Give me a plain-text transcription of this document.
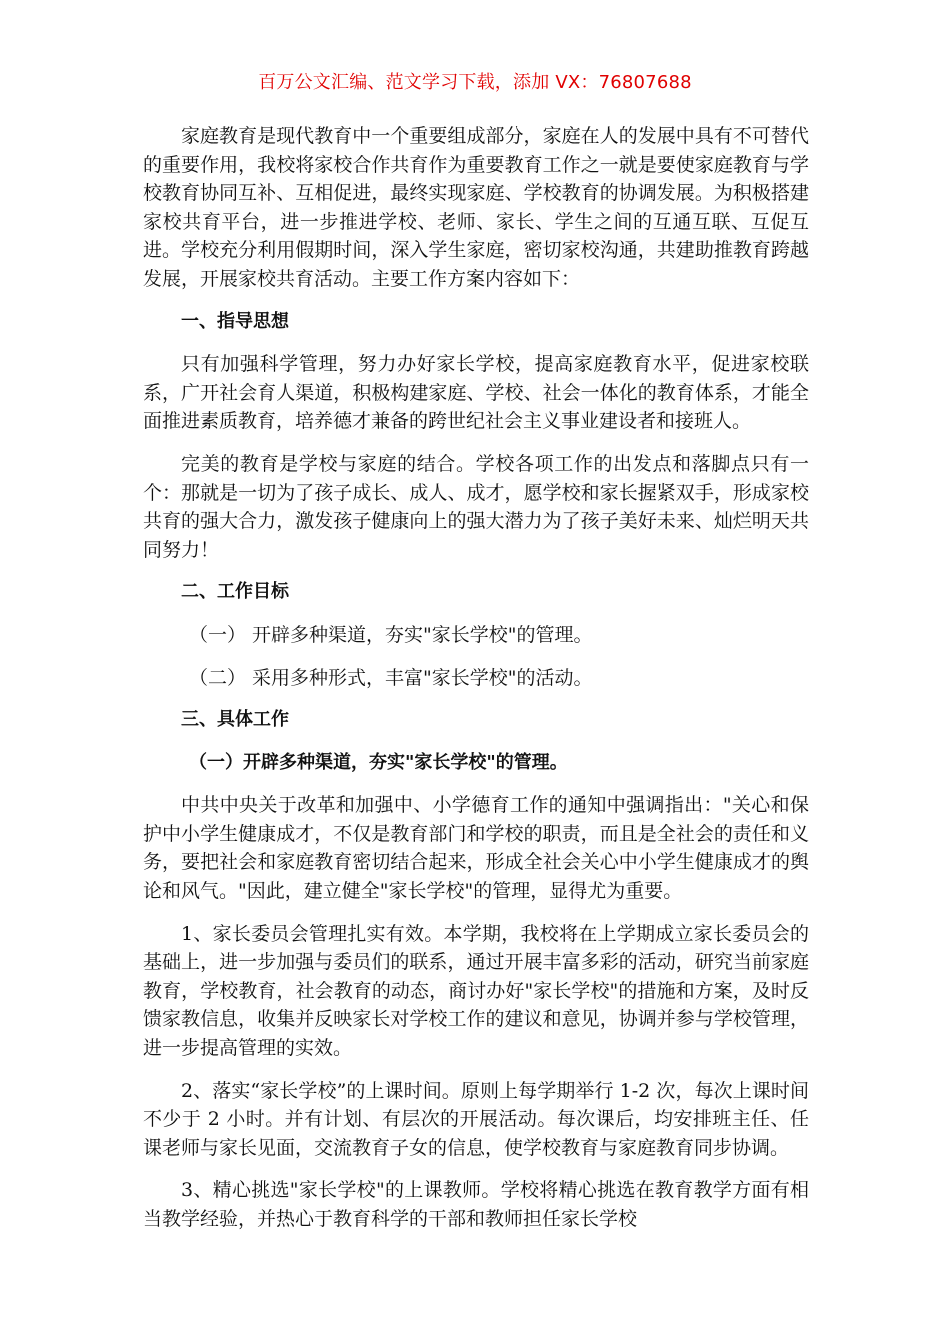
百万公文汇编、范文学习下载，添加 VX：76807688

家庭教育是现代教育中一个重要组成部分，家庭在人的发展中具有不可替代的重要作用，我校将家校合作共育作为重要教育工作之一就是要使家庭教育与学校教育协同互补、互相促进，最终实现家庭、学校教育的协调发展。为积极搭建家校共育平台，进一步推进学校、老师、家长、学生之间的互通互联、互促互进。学校充分利用假期时间，深入学生家庭，密切家校沟通，共建助推教育跨越发展，开展家校共育活动。主要工作方案内容如下：

一、指导思想

只有加强科学管理，努力办好家长学校，提高家庭教育水平，促进家校联系，广开社会育人渠道，积极构建家庭、学校、社会一体化的教育体系，才能全面推进素质教育，培养德才兼备的跨世纪社会主义事业建设者和接班人。

完美的教育是学校与家庭的结合。学校各项工作的出发点和落脚点只有一个：那就是一切为了孩子成长、成人、成才，愿学校和家长握紧双手，形成家校共育的强大合力，激发孩子健康向上的强大潜力为了孩子美好未来、灿烂明天共同努力！

二、工作目标
（一） 开辟多种渠道，夯实"家长学校"的管理。
（二） 采用多种形式，丰富"家长学校"的活动。
三、具体工作
（一）开辟多种渠道，夯实"家长学校"的管理。

中共中央关于改革和加强中、小学德育工作的通知中强调指出："关心和保护中小学生健康成才，不仅是教育部门和学校的职责，而且是全社会的责任和义务，要把社会和家庭教育密切结合起来，形成全社会关心中小学生健康成才的舆论和风气。"因此，建立健全"家长学校"的管理，显得尤为重要。

1、家长委员会管理扎实有效。本学期，我校将在上学期成立家长委员会的基础上，进一步加强与委员们的联系，通过开展丰富多彩的活动，研究当前家庭教育，学校教育，社会教育的动态，商讨办好"家长学校"的措施和方案，及时反馈家教信息，收集并反映家长对学校工作的建议和意见，协调并参与学校管理，进一步提高管理的实效。

2、落实“家长学校”的上课时间。原则上每学期举行 1-2 次，每次上课时间不少于 2 小时。并有计划、有层次的开展活动。每次课后，均安排班主任、任课老师与家长见面，交流教育子女的信息，使学校教育与家庭教育同步协调。

3、精心挑选"家长学校"的上课教师。学校将精心挑选在教育教学方面有相当教学经验，并热心于教育科学的干部和教师担任家长学校
